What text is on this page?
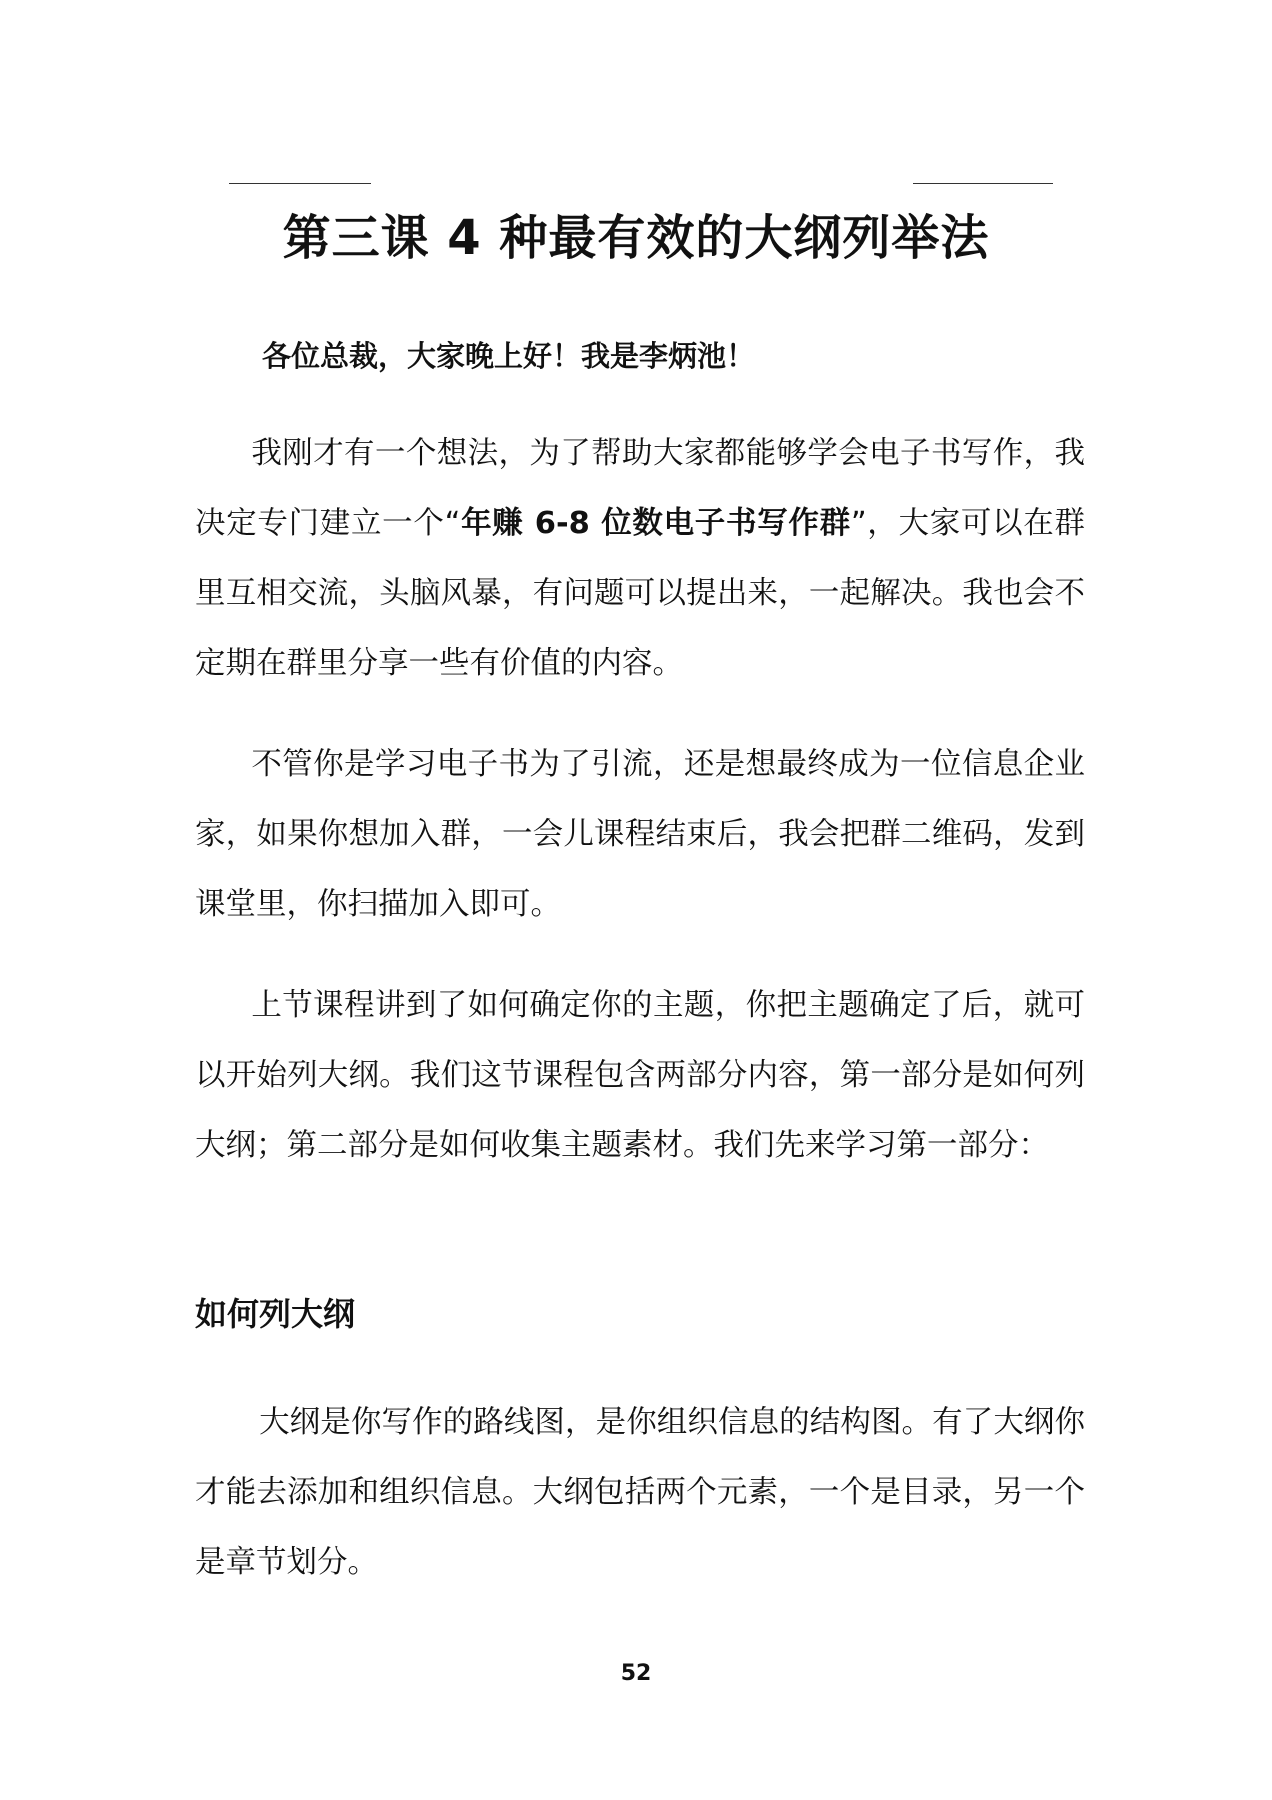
第三课 4 种最有效的大纲列举法
各位总裁，大家晚上好！我是李炳池！
我刚才有一个想法，为了帮助大家都能够学会电子书写作，我决定专门建立一个“年赚 6-8 位数电子书写作群”，大家可以在群里互相交流，头脑风暴，有问题可以提出来，一起解决。我也会不定期在群里分享一些有价值的内容。
不管你是学习电子书为了引流，还是想最终成为一位信息企业家，如果你想加入群，一会儿课程结束后，我会把群二维码，发到课堂里，你扫描加入即可。
上节课程讲到了如何确定你的主题，你把主题确定了后，就可以开始列大纲。我们这节课程包含两部分内容，第一部分是如何列大纲；第二部分是如何收集主题素材。我们先来学习第一部分：
如何列大纲
大纲是你写作的路线图，是你组织信息的结构图。有了大纲你才能去添加和组织信息。大纲包括两个元素，一个是目录，另一个是章节划分。
52
